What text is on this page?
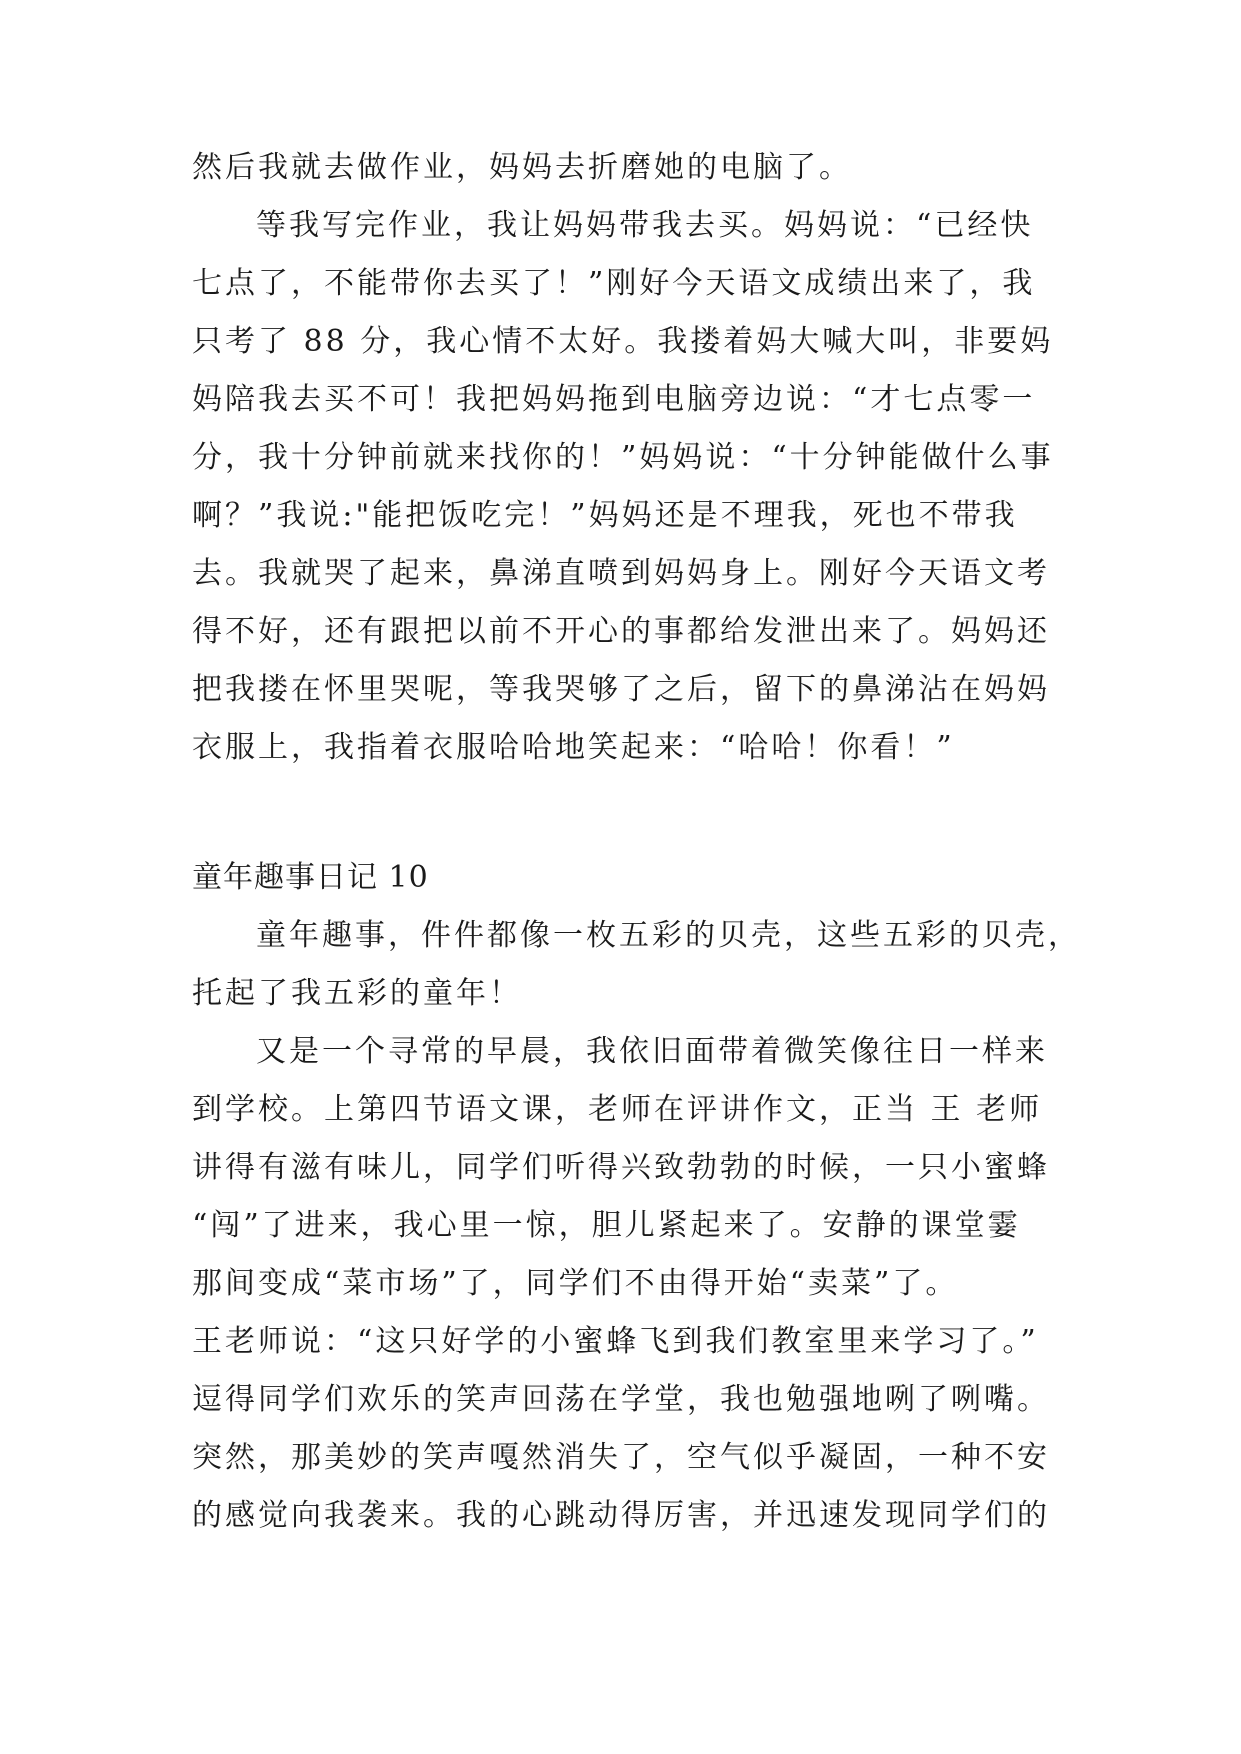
然后我就去做作业，妈妈去折磨她的电脑了。
等我写完作业，我让妈妈带我去买。妈妈说：“已经快
七点了，不能带你去买了！”刚好今天语文成绩出来了，我
只考了 88 分，我心情不太好。我搂着妈大喊大叫，非要妈
妈陪我去买不可！我把妈妈拖到电脑旁边说：“才七点零一
分，我十分钟前就来找你的！”妈妈说：“十分钟能做什么事
啊？”我说:"能把饭吃完！”妈妈还是不理我，死也不带我
去。我就哭了起来，鼻涕直喷到妈妈身上。刚好今天语文考
得不好，还有跟把以前不开心的事都给发泄出来了。妈妈还
把我搂在怀里哭呢，等我哭够了之后，留下的鼻涕沾在妈妈
衣服上，我指着衣服哈哈地笑起来：“哈哈！你看！”
童年趣事日记 10
童年趣事，件件都像一枚五彩的贝壳，这些五彩的贝壳，
托起了我五彩的童年！
又是一个寻常的早晨，我依旧面带着微笑像往日一样来
到学校。上第四节语文课，老师在评讲作文，正当 王 老师
讲得有滋有味儿，同学们听得兴致勃勃的时候，一只小蜜蜂
“闯”了进来，我心里一惊，胆儿紧起来了。安静的课堂霎
那间变成“菜市场”了，同学们不由得开始“卖菜”了。
王老师说：“这只好学的小蜜蜂飞到我们教室里来学习了。”
逗得同学们欢乐的笑声回荡在学堂，我也勉强地咧了咧嘴。
突然，那美妙的笑声嘎然消失了，空气似乎凝固，一种不安
的感觉向我袭来。我的心跳动得厉害，并迅速发现同学们的
